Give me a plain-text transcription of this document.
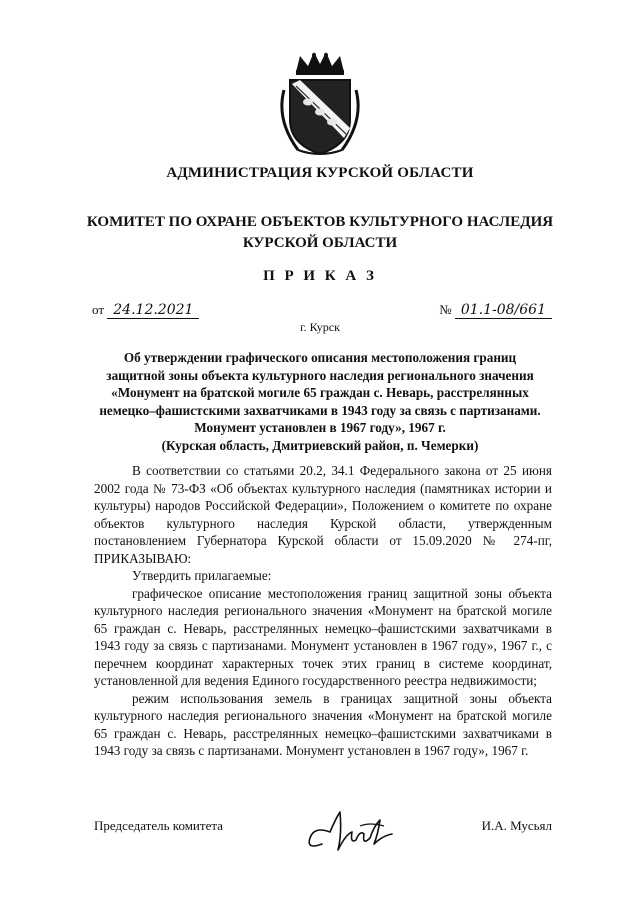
АДМИНИСТРАЦИЯ КУРСКОЙ ОБЛАСТИ
КОМИТЕТ ПО ОХРАНЕ ОБЪЕКТОВ КУЛЬТУРНОГО НАСЛЕДИЯ
КУРСКОЙ ОБЛАСТИ
П Р И К А З
от 24.12.2021	№ 01.1-08/661
г. Курск
Об утверждении графического описания местоположения границ
защитной зоны объекта культурного наследия регионального значения
«Монумент на братской могиле 65 граждан с. Неварь, расстрелянных
немецко–фашистскими захватчиками в 1943 году за связь с партизанами.
Монумент установлен в 1967 году», 1967 г.
(Курская область, Дмитриевский район, п. Чемерки)

В соответствии со статьями 20.2, 34.1 Федерального закона от 25 июня 2002 года № 73-ФЗ «Об объектах культурного наследия (памятниках истории и культуры) народов Российской Федерации», Положением о комитете по охране объектов культурного наследия Курской области, утвержденным постановлением Губернатора Курской области от 15.09.2020 № 274-пг, ПРИКАЗЫВАЮ:

Утвердить прилагаемые:

графическое описание местоположения границ защитной зоны объекта культурного наследия регионального значения «Монумент на братской могиле 65 граждан с. Неварь, расстрелянных немецко–фашистскими захватчиками в 1943 году за связь с партизанами. Монумент установлен в 1967 году», 1967 г., с перечнем координат характерных точек этих границ в системе координат, установленной для ведения Единого государственного реестра недвижимости;

режим использования земель в границах защитной зоны объекта культурного наследия регионального значения «Монумент на братской могиле 65 граждан с. Неварь, расстрелянных немецко–фашистскими захватчиками в 1943 году за связь с партизанами. Монумент установлен в 1967 году», 1967 г.

Председатель комитета	И.А. Мусьял
